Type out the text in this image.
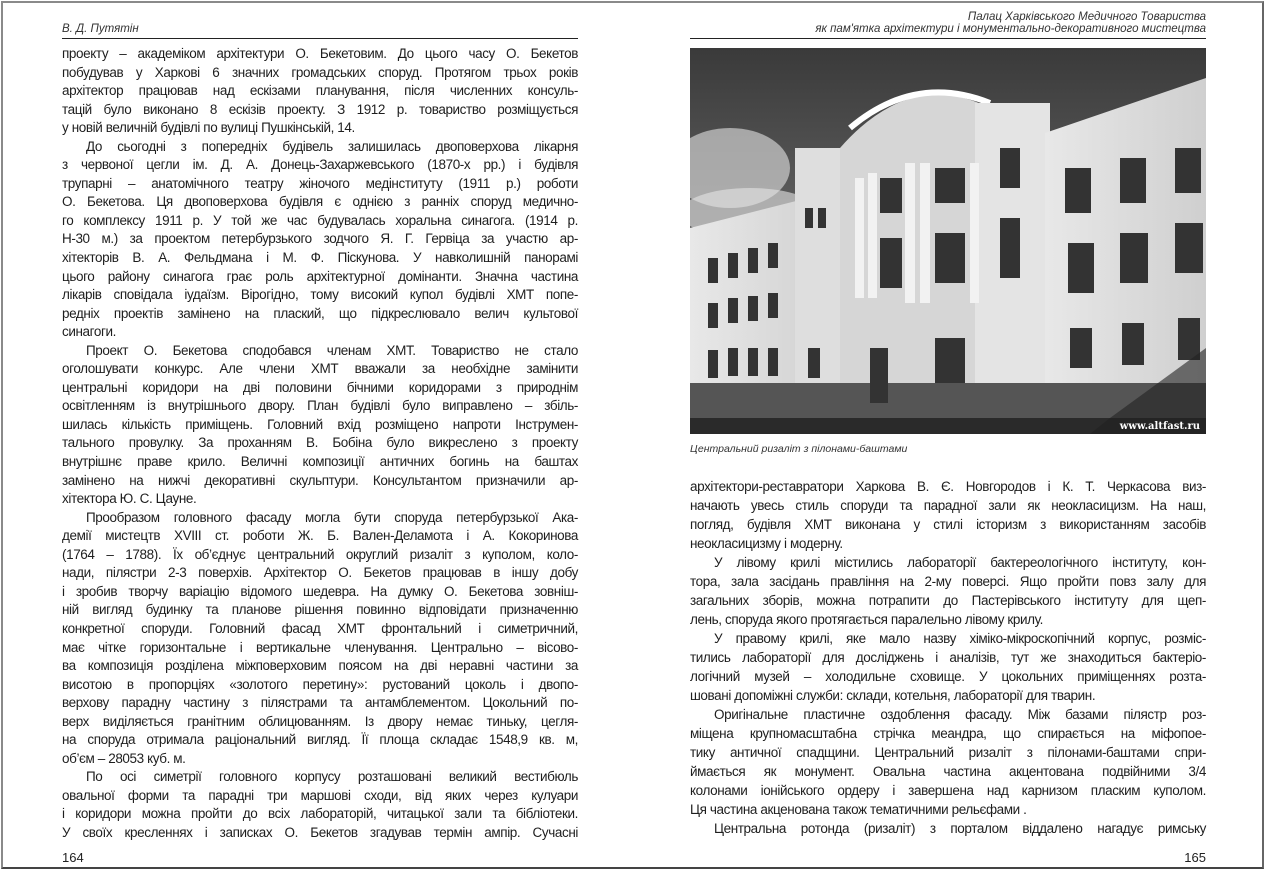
В. Д. Путятін
проекту – академіком архітектури О. Бекетовим. До цього часу О. Бекетов
побудував у Харкові 6 значних громадських споруд. Протягом трьох років
архітектор працював над ескізами планування, після численних консуль-
тацій було виконано 8 ескізів проекту. З 1912 р. товариство розміщується
у новій величній будівлі по вулиці Пушкінській, 14.
До сьогодні з попередніх будівель залишилась двоповерхова лікарня
з червоної цегли ім. Д. А. Донець-Захаржевського (1870-х рр.) і будівля
трупарні – анатомічного театру жіночого медінституту (1911 р.) роботи
О. Бекетова. Ця двоповерхова будівля є однією з ранніх споруд медично-
го комплексу 1911 р. У той же час будувалась хоральна синагога. (1914 р.
Н-30 м.) за проектом петербурзького зодчого Я. Г. Гервіца за участю ар-
хітекторів В. А. Фельдмана і М. Ф. Піскунова. У навколишній панорамі
цього району синагога грає роль архітектурної домінанти. Значна частина
лікарів сповідала іудаїзм. Вірогідно, тому високий купол будівлі ХМТ попе-
редніх проектів замінено на плаский, що підкреслювало велич культової
синагоги.
Проект О. Бекетова сподобався членам ХМТ. Товариство не стало
оголошувати конкурс. Але члени ХМТ вважали за необхідне замінити
центральні коридори на дві половини бічними коридорами з природнім
освітленням із внутрішнього двору. План будівлі було виправлено – збіль-
шилась кількість приміщень. Головний вхід розміщено напроти Інструмен-
тального провулку. За проханням В. Бобіна було викреслено з проекту
внутрішнє праве крило. Величні композиції античних богинь на баштах
замінено на нижчі декоративні скульптури. Консультантом призначили ар-
хітектора Ю. С. Цауне.
Прообразом головного фасаду могла бути споруда петербурзької Ака-
демії мистецтв XVIII ст. роботи Ж. Б. Вален-Деламота і А. Кокоринова
(1764 – 1788). Їх об’єднує центральний округлий ризаліт з куполом, коло-
нади, пілястри 2-3 поверхів. Архітектор О. Бекетов працював в іншу добу
і зробив творчу варіацію відомого шедевра. На думку О. Бекетова зовніш-
ній вигляд будинку та планове рішення повинно відповідати призначенню
конкретної споруди. Головний фасад ХМТ фронтальний і симетричний,
має чітке горизонтальне і вертикальне членування. Центрально – вісово-
ва композиція розділена міжповерховим поясом на дві неравні частини за
висотою в пропорціях «золотого перетину»: рустований цоколь і двопо-
верхову парадну частину з пілястрами та антамблементом. Цокольний по-
верх виділяється гранітним облицюванням. Із двору немає тиньку, цегля-
на споруда отримала раціональний вигляд. Її площа складає 1548,9 кв. м,
об’єм – 28053 куб. м.
По осі симетрії головного корпусу розташовані великий вестибюль
овальної форми та парадні три маршові сходи, від яких через кулуари
і коридори можна пройти до всіх лабораторій, читацької зали та бібліотеки.
У своїх кресленнях і записках О. Бекетов згадував термін ампір. Сучасні
164
Палац Харківського Медичного Товариства
як пам'ятка архітектури і монументально-декоративного мистецтва
www.altfast.ru
Центральний ризаліт з пілонами-баштами
архітектори-реставратори Харкова В. Є. Новгородов і К. Т. Черкасова виз-
начають увесь стиль споруди та парадної зали як неокласицизм. На наш,
погляд, будівля ХМТ виконана у стилі історизм з використанням засобів
неокласицизму і модерну.
У лівому крилі містились лабораторії бактереологічного інституту, кон-
тора, зала засідань правління на 2-му поверсі. Ящо пройти повз залу для
загальних зборів, можна потрапити до Пастерівського інституту для щеп-
лень, споруда якого протягається паралельно лівому крилу.
У правому крилі, яке мало назву хіміко-мікроскопічний корпус, розміс-
тились лабораторії для досліджень і аналізів, тут же знаходиться бактеріо-
логічний музей – холодильне сховище. У цокольних приміщеннях розта-
шовані допоміжні служби: склади, котельня, лабораторії для тварин.
Оригінальне пластичне оздоблення фасаду. Між базами пілястр роз-
міщена крупномасштабна стрічка меандра, що спирається на міфопое-
тику античної спадщини. Центральний ризаліт з пілонами-баштами спри-
ймається як монумент. Овальна частина акцентована подвійними 3/4
колонами іонійського ордеру і завершена над карнизом пласким куполом.
Ця частина акценована також тематичними рельєфами .
Центральна ротонда (ризаліт) з порталом віддалено нагадує римську
165
